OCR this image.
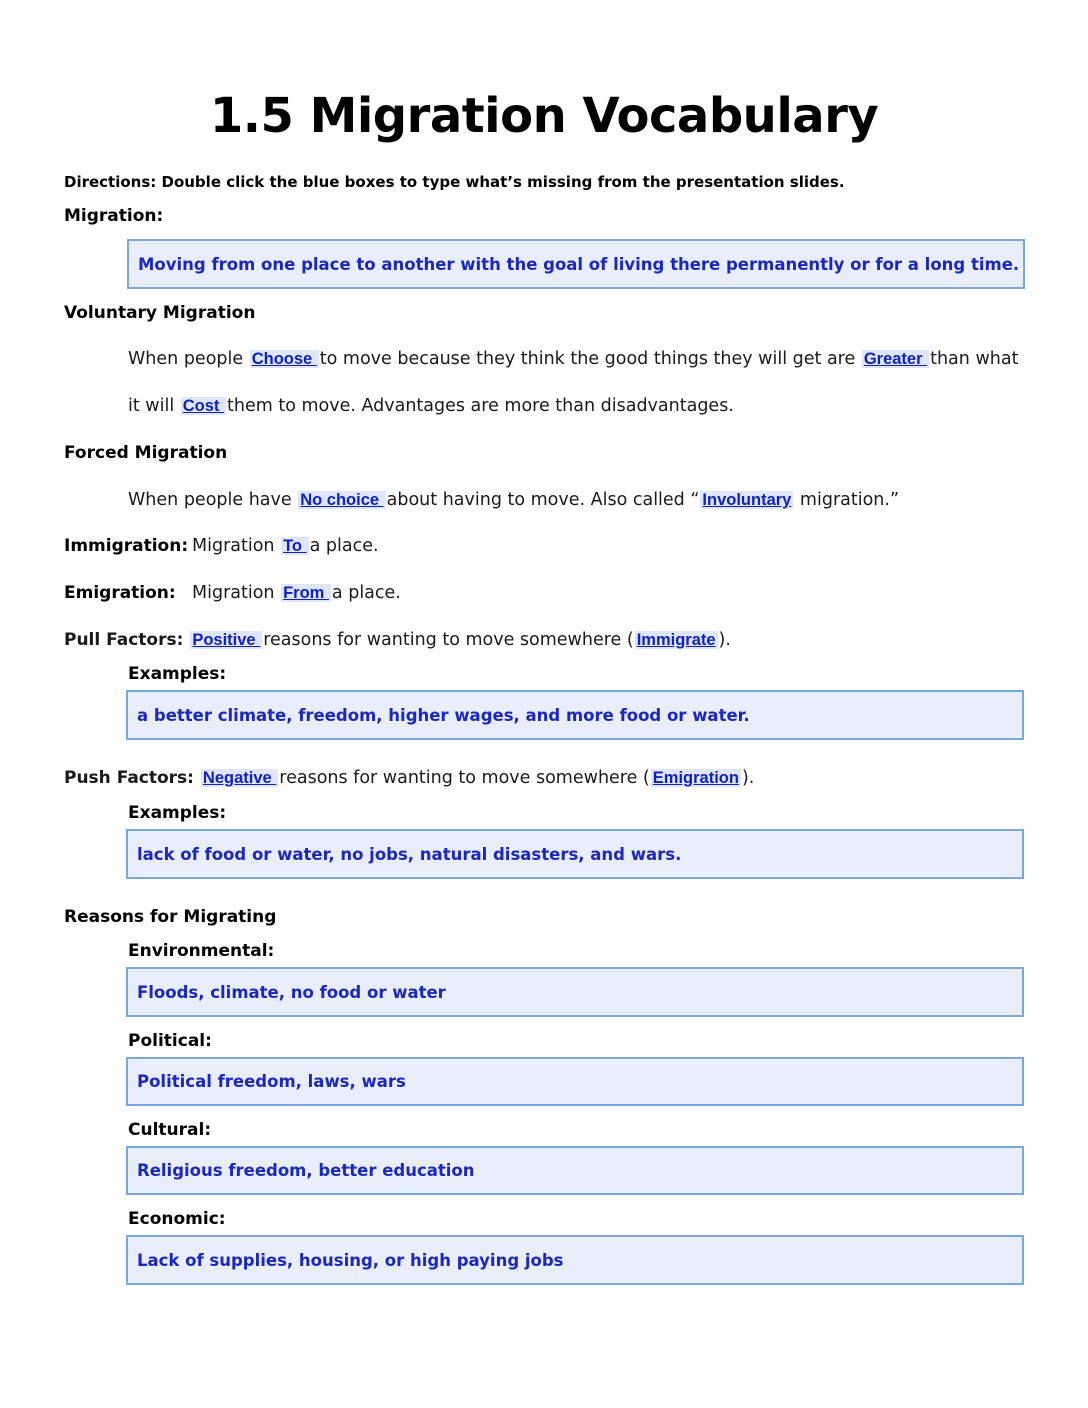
1.5 Migration Vocabulary
Directions: Double click the blue boxes to type what’s missing from the presentation slides.
Migration:
Moving from one place to another with the goal of living there permanently or for a long time.
Voluntary Migration
When people Choose to move because they think the good things they will get are Greater than what
it will Cost them to move. Advantages are more than disadvantages.
Forced Migration
When people have No choice about having to move. Also called “ Involuntary migration.”
Immigration: Migration To a place.
Emigration: Migration From a place.
Pull Factors: Positive reasons for wanting to move somewhere ( Immigrate ).
Examples:
a better climate, freedom, higher wages, and more food or water.
Push Factors: Negative reasons for wanting to move somewhere ( Emigration ).
Examples:
lack of food or water, no jobs, natural disasters, and wars.
Reasons for Migrating
Environmental:
Floods, climate, no food or water
Political:
Political freedom, laws, wars
Cultural:
Religious freedom, better education
Economic:
Lack of supplies, housing, or high paying jobs
